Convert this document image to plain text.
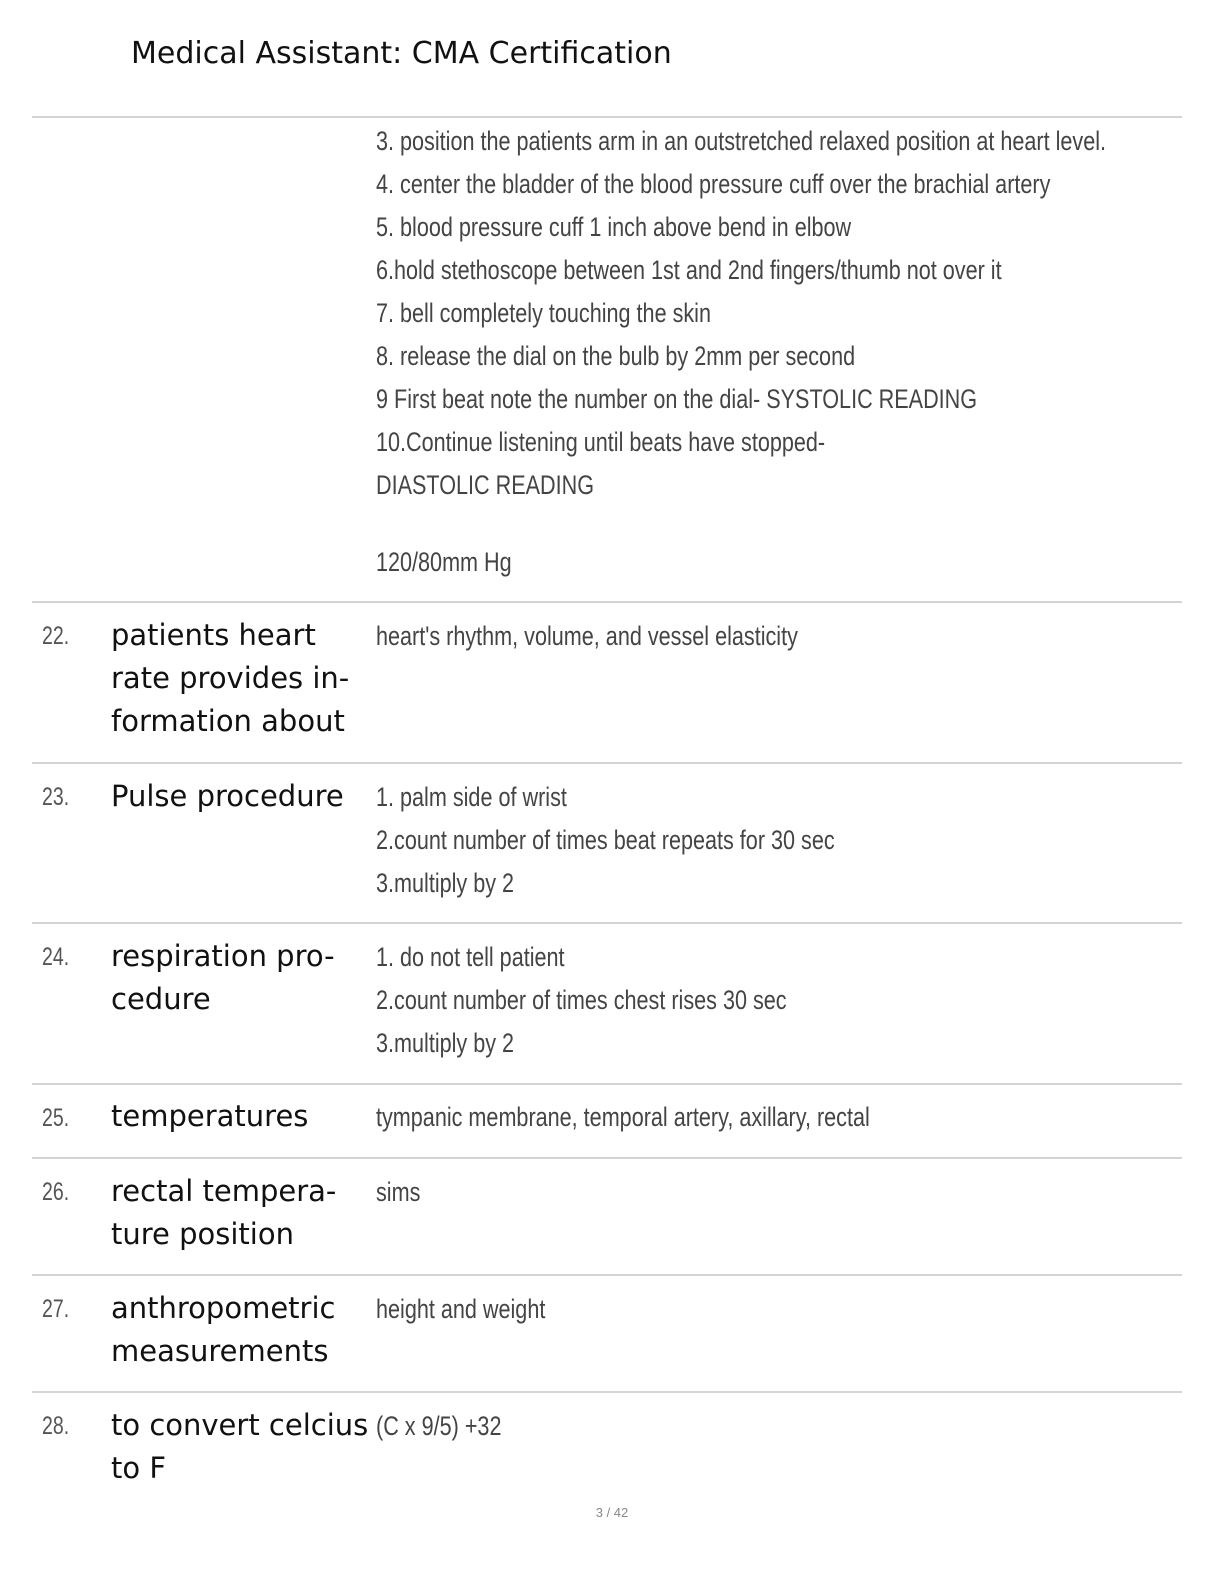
Medical Assistant: CMA Certification
3. position the patients arm in an outstretched relaxed position at heart level.
4. center the bladder of the blood pressure cuff over the brachial artery
5. blood pressure cuff 1 inch above bend in elbow
6.hold stethoscope between 1st and 2nd fingers/thumb not over it
7. bell completely touching the skin
8. release the dial on the bulb by 2mm per second
9 First beat note the number on the dial- SYSTOLIC READING
10.Continue listening until beats have stopped-
DIASTOLIC READING
120/80mm Hg
22. patients heart
rate provides in-
formation about
heart's rhythm, volume, and vessel elasticity
23. Pulse procedure	1. palm side of wrist
2.count number of times beat repeats for 30 sec
3.multiply by 2
24. respiration pro-
cedure
1. do not tell patient
2.count number of times chest rises 30 sec
3.multiply by 2
25. temperatures	tympanic membrane, temporal artery, axillary, rectal
26. rectal tempera-
ture position
sims
27. anthropometric
measurements
height and weight
28. to convert celcius
to F
(C x 9/5) +32
3 / 42
